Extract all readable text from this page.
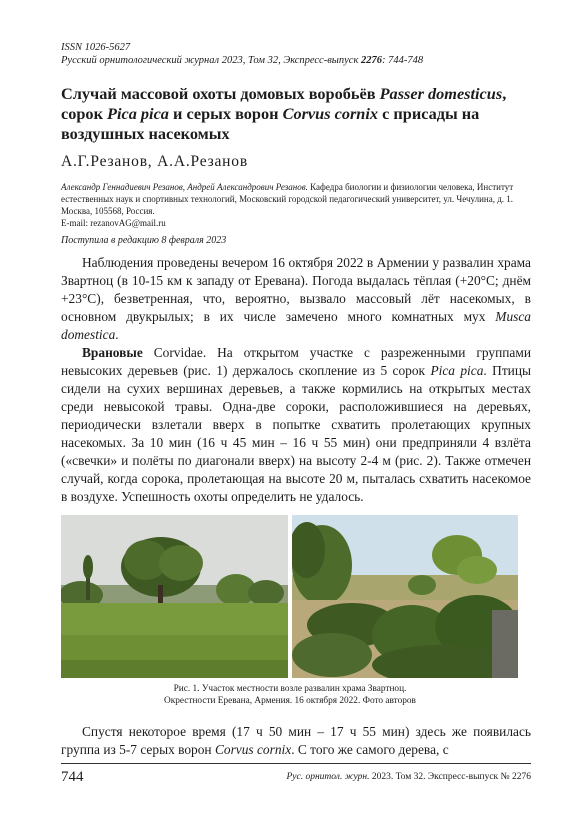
ISSN 1026-5627
Русский орнитологический журнал 2023, Том 32, Экспресс-выпуск 2276: 744-748
Случай массовой охоты домовых воробьёв Passer domesticus, сорок Pica pica и серых ворон Corvus cornix с присады на воздушных насекомых
А.Г.Резанов, А.А.Резанов
Александр Геннадиевич Резанов, Андрей Александрович Резанов. Кафедра биологии и физиологии человека, Институт естественных наук и спортивных технологий, Московский городской педагогический университет, ул. Чечулина, д. 1. Москва, 105568, Россия.
E-mail: rezanovAG@mail.ru
Поступила в редакцию 8 февраля 2023

Наблюдения проведены вечером 16 октября 2022 в Армении у развалин храма Звартноц (в 10-15 км к западу от Еревана). Погода выдалась тёплая (+20°С; днём +23°С), безветренная, что, вероятно, вызвало массовый лёт насекомых, в основном двукрылых; в их числе замечено много комнатных мух Musca domestica.

Врановые Corvidae. На открытом участке с разреженными группами невысоких деревьев (рис. 1) держалось скопление из 5 сорок Pica pica. Птицы сидели на сухих вершинах деревьев, а также кормились на открытых местах среди невысокой травы. Одна-две сороки, расположившиеся на деревьях, периодически взлетали вверх в попытке схватить пролетающих крупных насекомых. За 10 мин (16 ч 45 мин – 16 ч 55 мин) они предприняли 4 взлёта («свечки» и полёты по диагонали вверх) на высоту 2-4 м (рис. 2). Также отмечен случай, когда сорока, пролетающая на высоте 20 м, пыталась схватить насекомое в воздухе. Успешность охоты определить не удалось.

Рис. 1. Участок местности возле развалин храма Звартноц.
Окрестности Еревана, Армения. 16 октября 2022. Фото авторов

Спустя некоторое время (17 ч 50 мин – 17 ч 55 мин) здесь же появилась группа из 5-7 серых ворон Corvus cornix. С того же самого дерева, с

744	Рус. орнитол. журн. 2023. Том 32. Экспресс-выпуск № 2276
